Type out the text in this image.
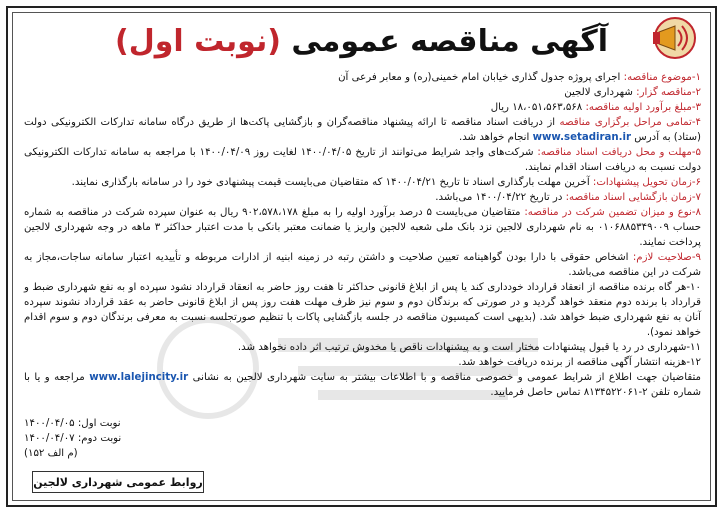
آگهی مناقصه عمومی (نوبت اول)

۱-موضوع مناقصه: اجرای پروژه جدول گذاری خیابان امام خمینی(ره) و معابر فرعی آن

۲-مناقصه گزار: شهرداری لالجین

۳-مبلغ برآورد اولیه مناقصه: ۱۸،۰۵۱،۵۶۳،۵۶۸ ریال

۴-تمامی مراحل برگزاری مناقصه از دریافت اسناد مناقصه تا ارائه پیشنهاد مناقصه‌گران و بازگشایی پاکت‌ها از طریق درگاه سامانه تدارکات الکترونیکی دولت (ستاد) به آدرس www.setadiran.ir انجام خواهد شد.

۵-مهلت و محل دریافت اسناد مناقصه: شرکت‌های واجد شرایط می‌توانند از تاریخ ۱۴۰۰/۰۴/۰۵ لغایت روز ۱۴۰۰/۰۴/۰۹ با مراجعه به سامانه تدارکات الکترونیکی دولت نسبت به دریافت اسناد اقدام نمایند.

۶-زمان تحویل پیشنهادات: آخرین مهلت بارگذاری اسناد تا تاریخ ۱۴۰۰/۰۴/۲۱ که متقاضیان می‌بایست قیمت پیشنهادی خود را در سامانه بارگذاری نمایند.

۷-زمان بازگشایی اسناد مناقصه: در تاریخ ۱۴۰۰/۰۴/۲۲ می‌باشد.

۸-نوع و میزان تضمین شرکت در مناقصه: متقاضیان می‌بایست ۵ درصد برآورد اولیه را به مبلغ ۹۰۲،۵۷۸،۱۷۸ ریال به عنوان سپرده شرکت در مناقصه به شماره حساب ۰۱۰۶۸۸۵۳۴۹۰۰۹ به نام شهرداری لالجین نزد بانک ملی شعبه لالجین واریز یا ضمانت معتبر بانکی با مدت اعتبار حداکثر ۳ ماهه در وجه شهرداری لالجین پرداخت نمایند.

۹-صلاحیت لازم: اشخاص حقوقی با دارا بودن گواهینامه تعیین صلاحیت و داشتن رتبه در زمینه ابنیه از ادارات مربوطه و تأییدیه اعتبار سامانه ساجات،مجاز به شرکت در این مناقصه می‌باشد.

۱۰-هر گاه برنده مناقصه از انعقاد قرارداد خودداری کند یا پس از ابلاغ قانونی حداکثر تا هفت روز حاضر به انعقاد قرارداد نشود سپرده او به نفع شهرداری ضبط و قرارداد با برنده دوم منعقد خواهد گردید و در صورتی که برندگان دوم و سوم نیز ظرف مهلت هفت روز پس از ابلاغ قانونی حاضر به عقد قرارداد نشوند سپرده آنان به نفع شهرداری ضبط خواهد شد. (بدیهی است کمیسیون مناقصه در جلسه بازگشایی پاکات با تنظیم صورتجلسه نسبت به معرفی برندگان دوم و سوم اقدام خواهد نمود).

۱۱-شهرداری در رد یا قبول پیشنهادات مختار است و به پیشنهادات ناقص یا مخدوش ترتیب اثر داده نخواهد شد.

۱۲-هزینه انتشار آگهی مناقصه از برنده دریافت خواهد شد.

متقاضیان جهت اطلاع از شرایط عمومی و خصوصی مناقصه و با اطلاعات بیشتر به سایت شهرداری لالجین به نشانی www.lalejincity.ir مراجعه و یا با شماره تلفن ۲-۸۱۳۴۵۲۲۰۶۱ تماس حاصل فرمایید.

نوبت اول: ۱۴۰۰/۰۴/۰۵
نوبت دوم: ۱۴۰۰/۰۴/۰۷
(م الف ۱۵۲)
روابط عمومی شهرداری لالجین
